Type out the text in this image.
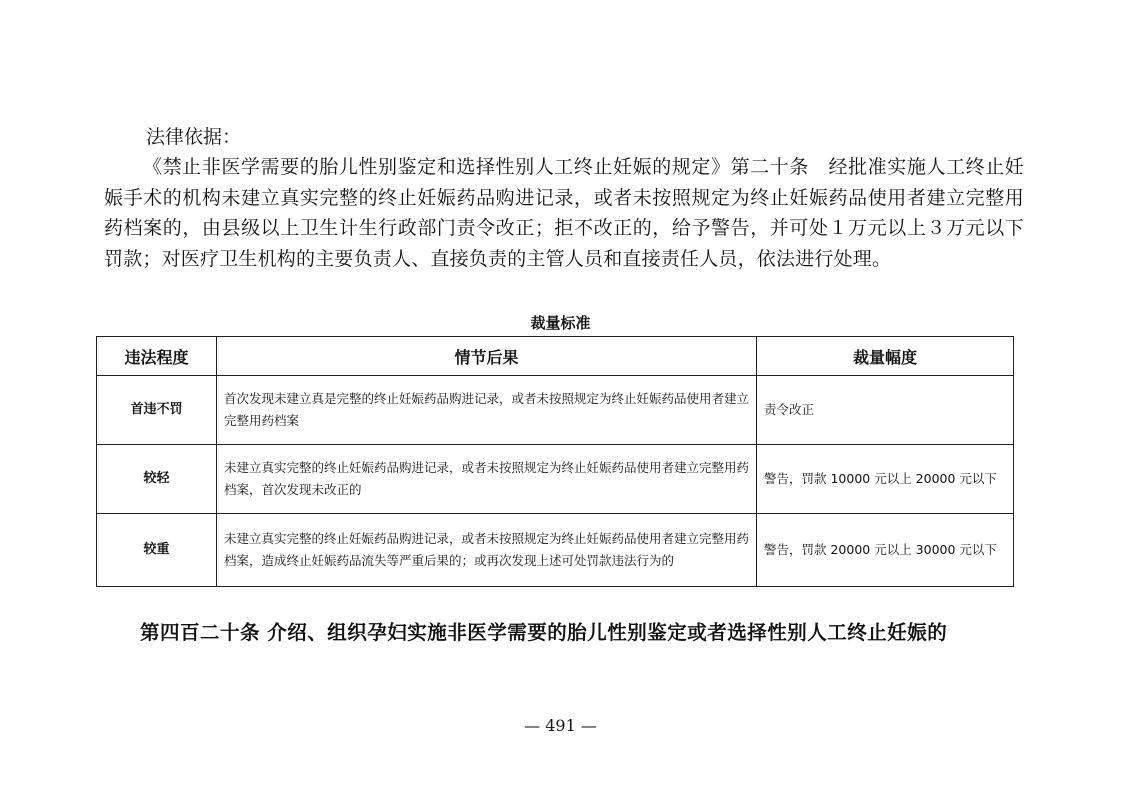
法律依据：
《禁止非医学需要的胎儿性别鉴定和选择性别人工终止妊娠的规定》第二十条　经批准实施人工终止妊娠手术的机构未建立真实完整的终止妊娠药品购进记录，或者未按照规定为终止妊娠药品使用者建立完整用药档案的，由县级以上卫生计生行政部门责令改正；拒不改正的，给予警告，并可处１万元以上３万元以下罚款；对医疗卫生机构的主要负责人、直接负责的主管人员和直接责任人员，依法进行处理。
裁量标准
违法程度	情节后果	裁量幅度
首违不罚	首次发现未建立真是完整的终止妊娠药品购进记录，或者未按照规定为终止妊娠药品使用者建立完整用药档案	责令改正
较轻	未建立真实完整的终止妊娠药品购进记录，或者未按照规定为终止妊娠药品使用者建立完整用药档案，首次发现未改正的	警告，罚款 10000 元以上 20000 元以下
较重	未建立真实完整的终止妊娠药品购进记录，或者未按照规定为终止妊娠药品使用者建立完整用药档案，造成终止妊娠药品流失等严重后果的；或再次发现上述可处罚款违法行为的	警告，罚款 20000 元以上 30000 元以下
第四百二十条 介绍、组织孕妇实施非医学需要的胎儿性别鉴定或者选择性别人工终止妊娠的
— 491 —
